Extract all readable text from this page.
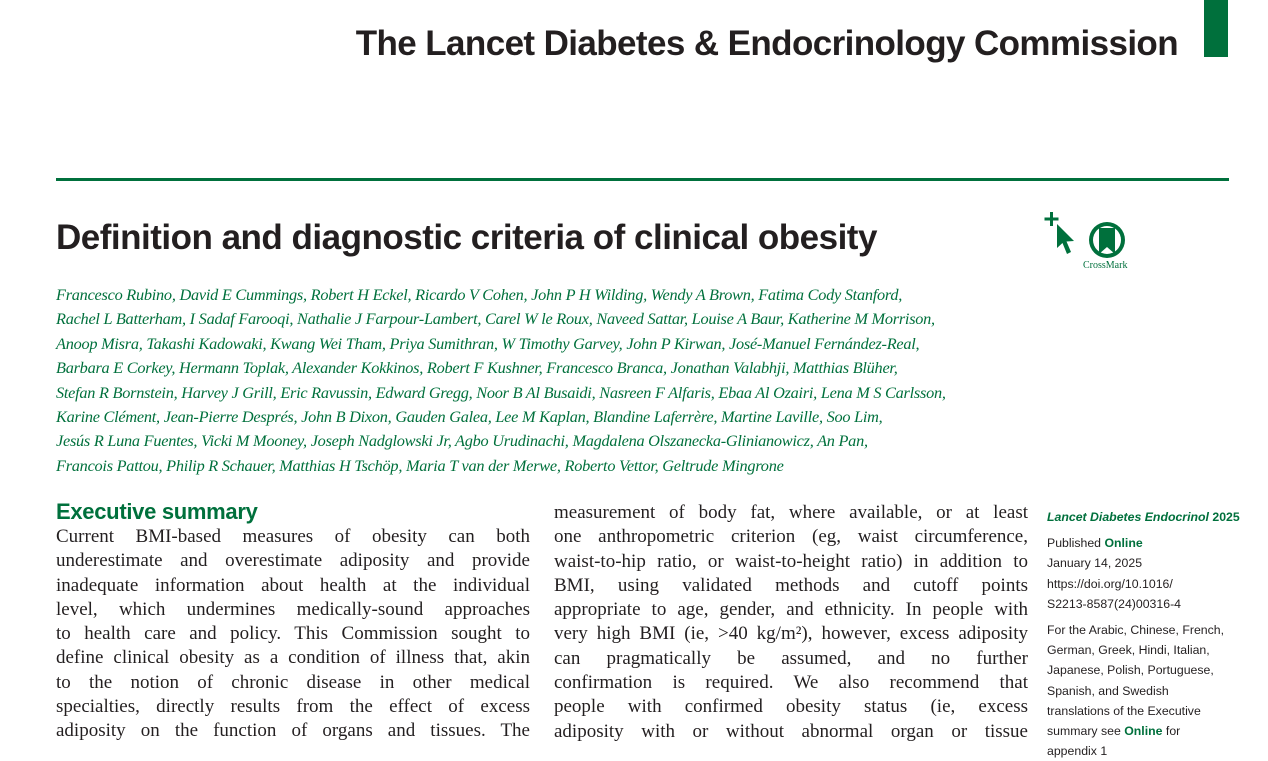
The Lancet Diabetes & Endocrinology Commission
Definition and diagnostic criteria of clinical obesity
CrossMark
Francesco Rubino, David E Cummings, Robert H Eckel, Ricardo V Cohen, John P H Wilding, Wendy A Brown, Fatima Cody Stanford,
Rachel L Batterham, I Sadaf Farooqi, Nathalie J Farpour-Lambert, Carel W le Roux, Naveed Sattar, Louise A Baur, Katherine M Morrison,
Anoop Misra, Takashi Kadowaki, Kwang Wei Tham, Priya Sumithran, W Timothy Garvey, John P Kirwan, José-Manuel Fernández-Real,
Barbara E Corkey, Hermann Toplak, Alexander Kokkinos, Robert F Kushner, Francesco Branca, Jonathan Valabhji, Matthias Blüher,
Stefan R Bornstein, Harvey J Grill, Eric Ravussin, Edward Gregg, Noor B Al Busaidi, Nasreen F Alfaris, Ebaa Al Ozairi, Lena M S Carlsson,
Karine Clément, Jean-Pierre Després, John B Dixon, Gauden Galea, Lee M Kaplan, Blandine Laferrère, Martine Laville, Soo Lim,
Jesús R Luna Fuentes, Vicki M Mooney, Joseph Nadglowski Jr, Agbo Urudinachi, Magdalena Olszanecka-Glinianowicz, An Pan,
Francois Pattou, Philip R Schauer, Matthias H Tschöp, Maria T van der Merwe, Roberto Vettor, Geltrude Mingrone
Executive summary
Current BMI-based measures of obesity can both
underestimate and overestimate adiposity and provide
inadequate information about health at the individual
level, which undermines medically-sound approaches
to health care and policy. This Commission sought to
define clinical obesity as a condition of illness that, akin
to the notion of chronic disease in other medical
specialties, directly results from the effect of excess
adiposity on the function of organs and tissues. The
measurement of body fat, where available, or at least
one anthropometric criterion (eg, waist circumference,
waist-to-hip ratio, or waist-to-height ratio) in addition to
BMI, using validated methods and cutoff points
appropriate to age, gender, and ethnicity. In people with
very high BMI (ie, >40 kg/m²), however, excess adiposity
can pragmatically be assumed, and no further
confirmation is required. We also recommend that
people with confirmed obesity status (ie, excess
adiposity with or without abnormal organ or tissue
Lancet Diabetes Endocrinol 2025
Published Online
January 14, 2025
https://doi.org/10.1016/
S2213-8587(24)00316-4
For the Arabic, Chinese, French,
German, Greek, Hindi, Italian,
Japanese, Polish, Portuguese,
Spanish, and Swedish
translations of the Executive
summary see Online for
appendix 1
